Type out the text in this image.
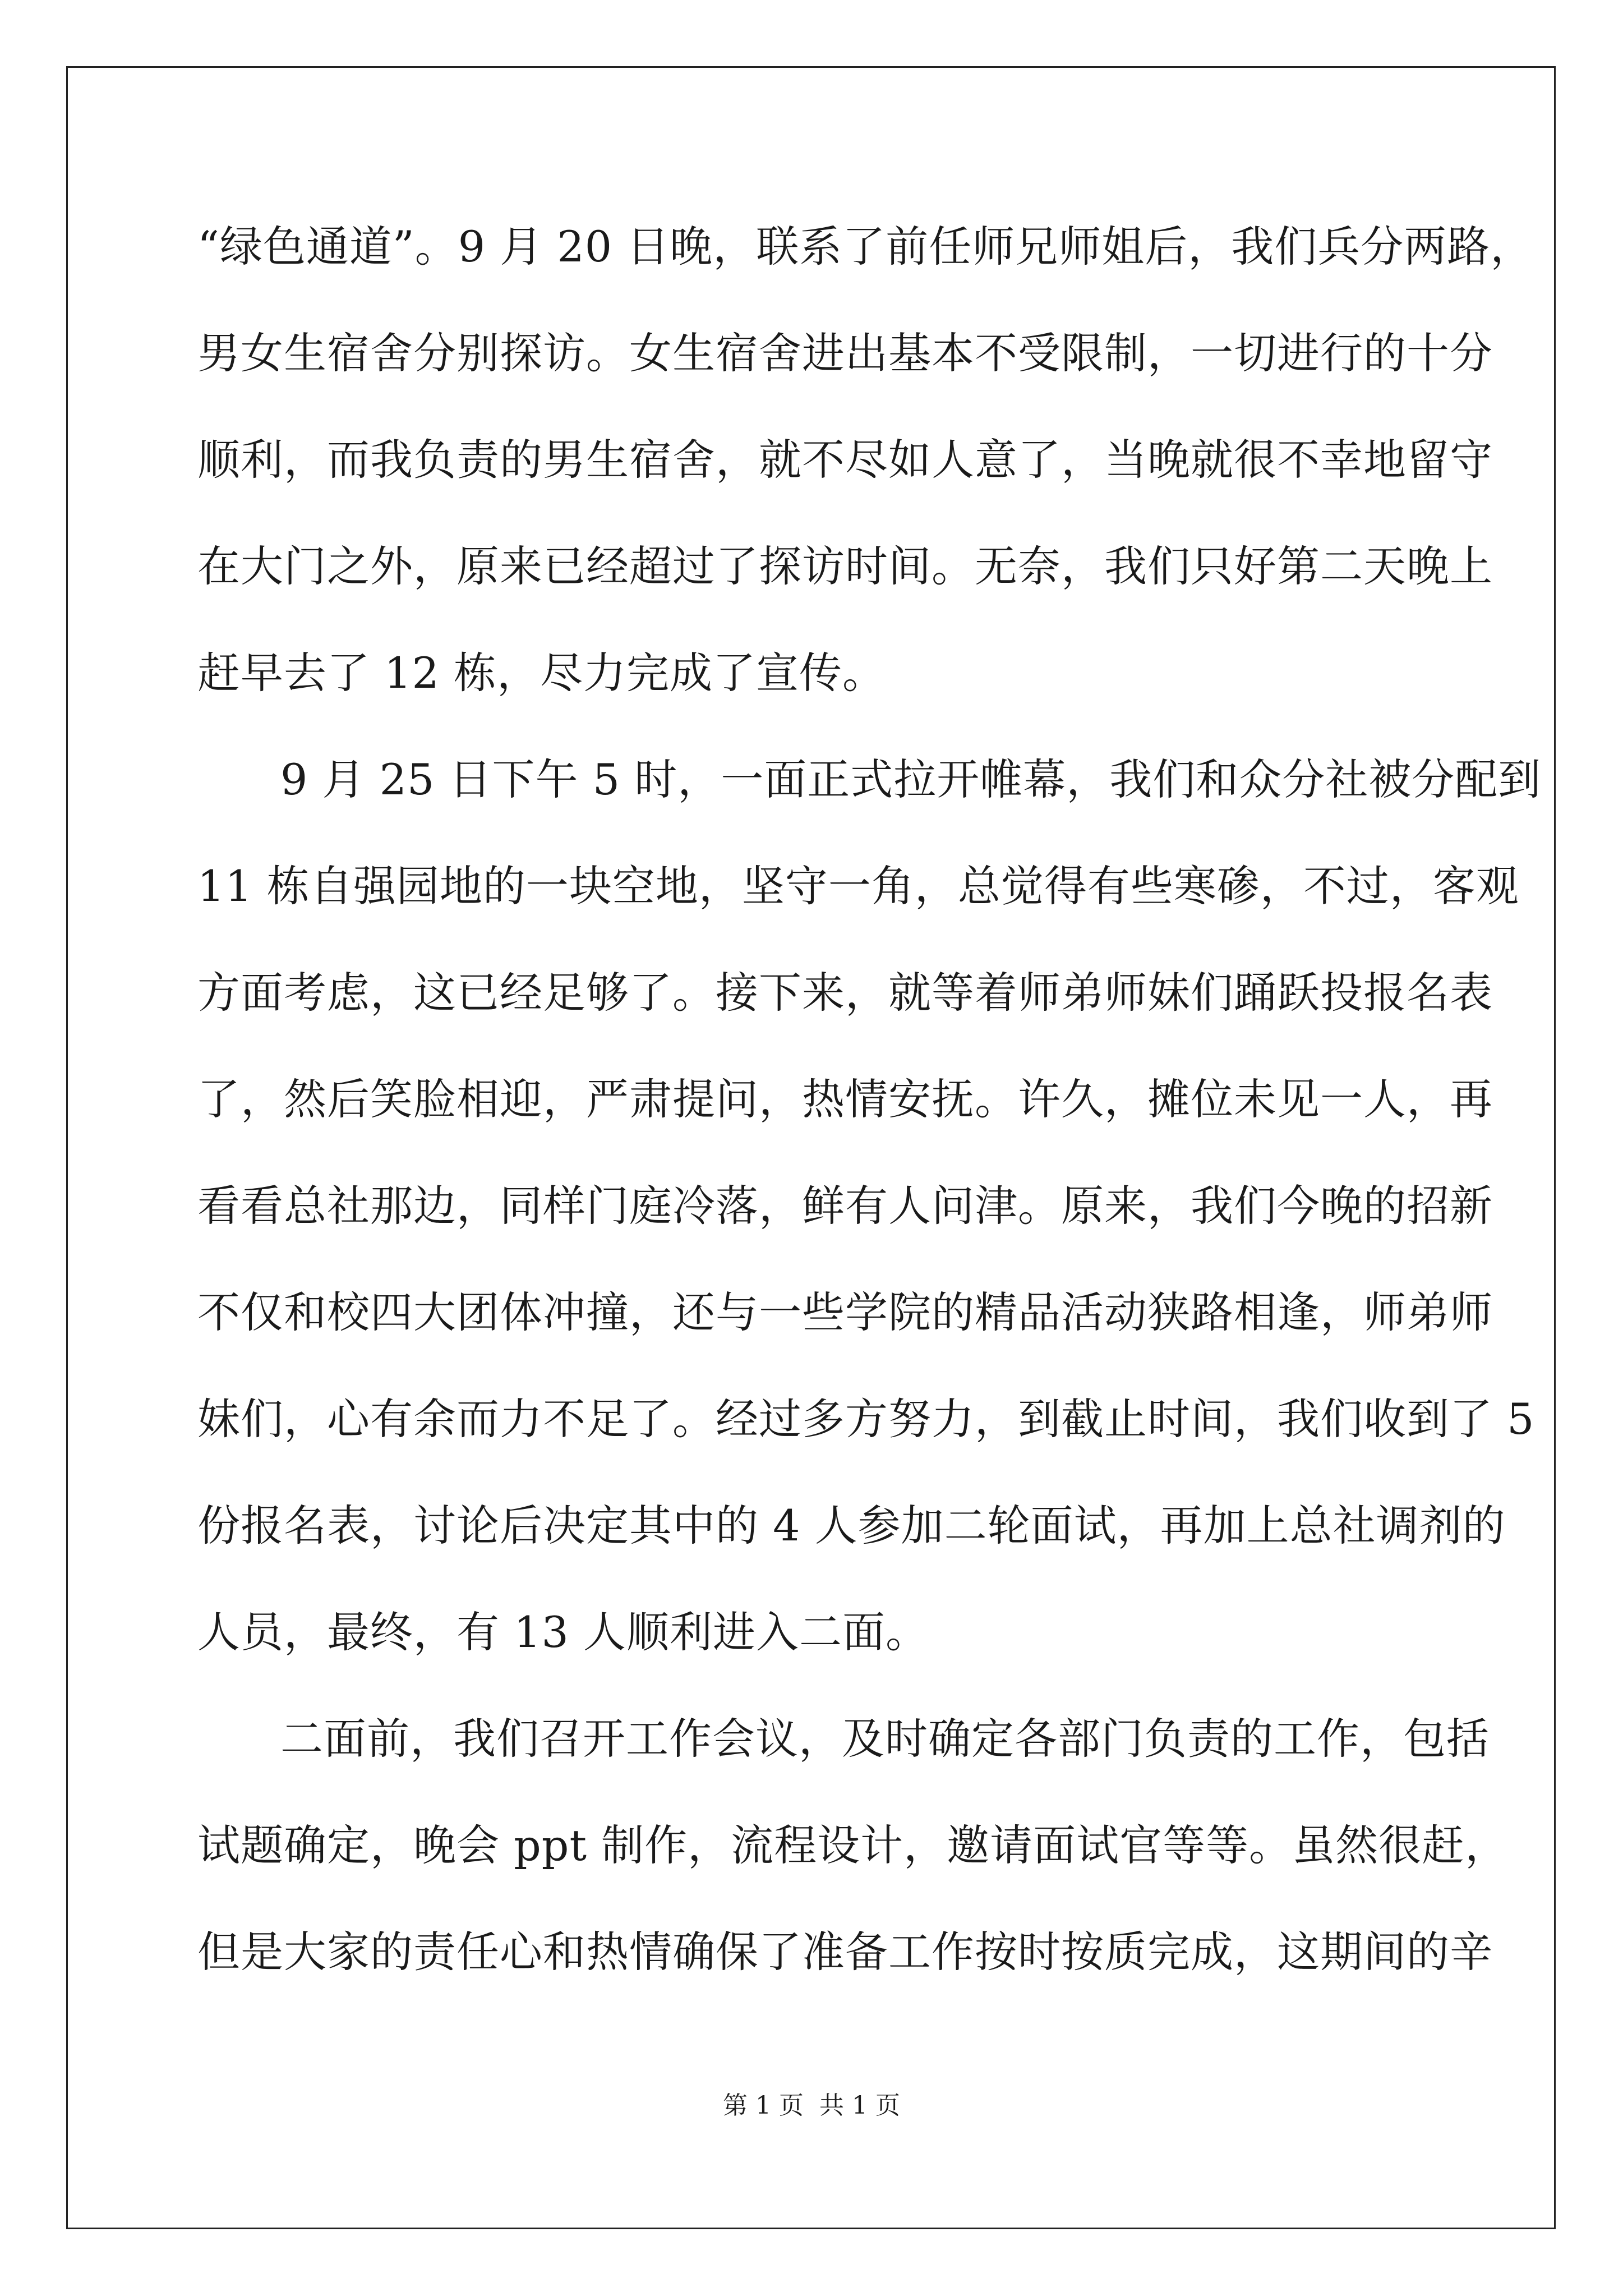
“绿色通道”。9 月 20 日晚，联系了前任师兄师姐后，我们兵分两路，
男女生宿舍分别探访。女生宿舍进出基本不受限制，一切进行的十分
顺利，而我负责的男生宿舍，就不尽如人意了，当晚就很不幸地留守
在大门之外，原来已经超过了探访时间。无奈，我们只好第二天晚上
赶早去了 12 栋，尽力完成了宣传。
9 月 25 日下午 5 时，一面正式拉开帷幕，我们和众分社被分配到
11 栋自强园地的一块空地，坚守一角，总觉得有些寒碜，不过，客观
方面考虑，这已经足够了。接下来，就等着师弟师妹们踊跃投报名表
了，然后笑脸相迎，严肃提问，热情安抚。许久，摊位未见一人，再
看看总社那边，同样门庭冷落，鲜有人问津。原来，我们今晚的招新
不仅和校四大团体冲撞，还与一些学院的精品活动狭路相逢，师弟师
妹们，心有余而力不足了。经过多方努力，到截止时间，我们收到了 5
份报名表，讨论后决定其中的 4 人参加二轮面试，再加上总社调剂的
人员，最终，有 13 人顺利进入二面。
二面前，我们召开工作会议，及时确定各部门负责的工作，包括
试题确定，晚会 ppt 制作，流程设计，邀请面试官等等。虽然很赶，
但是大家的责任心和热情确保了准备工作按时按质完成，这期间的辛
第 1 页  共 1 页
